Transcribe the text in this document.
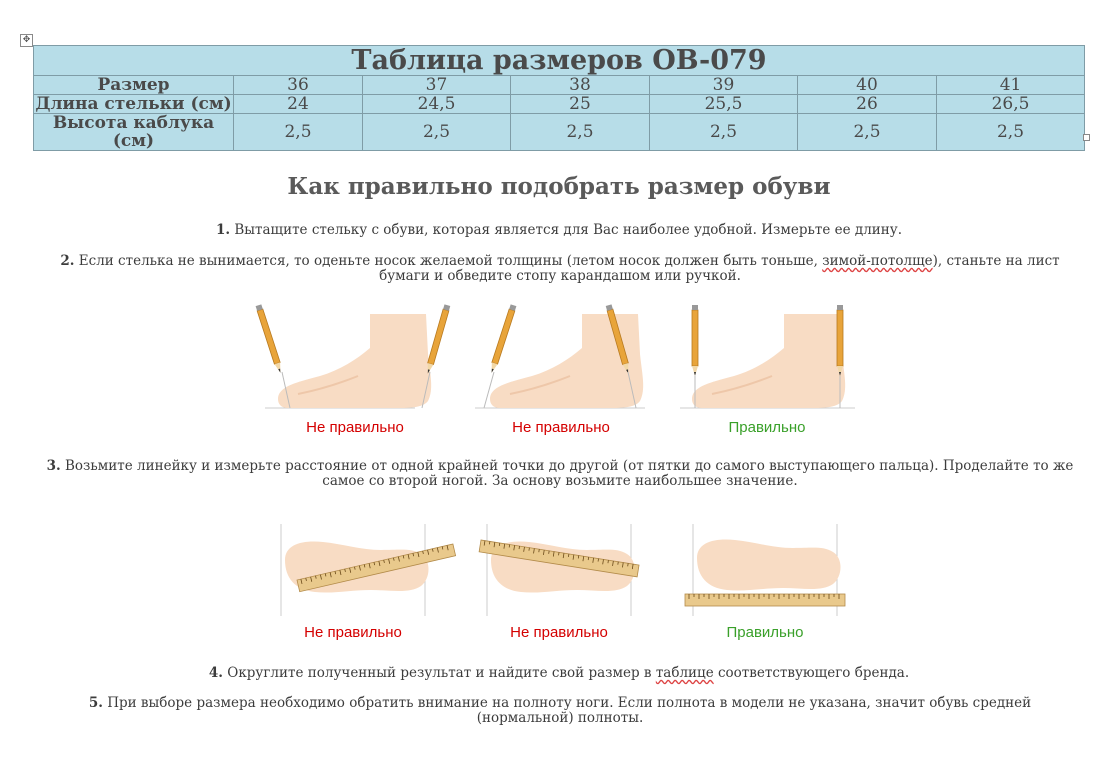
✥
Таблица размеров OB-079						
Размер	36	37	38	39	40	41
Длина стельки (см)	24	24,5	25	25,5	26	26,5
Высота каблука (см)	2,5	2,5	2,5	2,5	2,5	2,5
Как правильно подобрать размер обуви
1. Вытащите стельку с обуви, которая является для Вас наиболее удобной. Измерьте ее длину.
2. Если стелька не вынимается, то оденьте носок желаемой толщины (летом носок должен быть тоньше, зимой-потолще), станьте на лист бумаги и обведите стопу карандашом или ручкой.
Не правильно	Не правильно	Правильно
3. Возьмите линейку и измерьте расстояние от одной крайней точки до другой (от пятки до самого выступающего пальца). Проделайте то же самое со второй ногой. За основу возьмите наибольшее значение.
Не правильно	Не правильно	Правильно
4. Округлите полученный результат и найдите свой размер в таблице соответствующего бренда.
5. При выборе размера необходимо обратить внимание на полноту ноги. Если полнота в модели не указана, значит обувь средней (нормальной) полноты.
